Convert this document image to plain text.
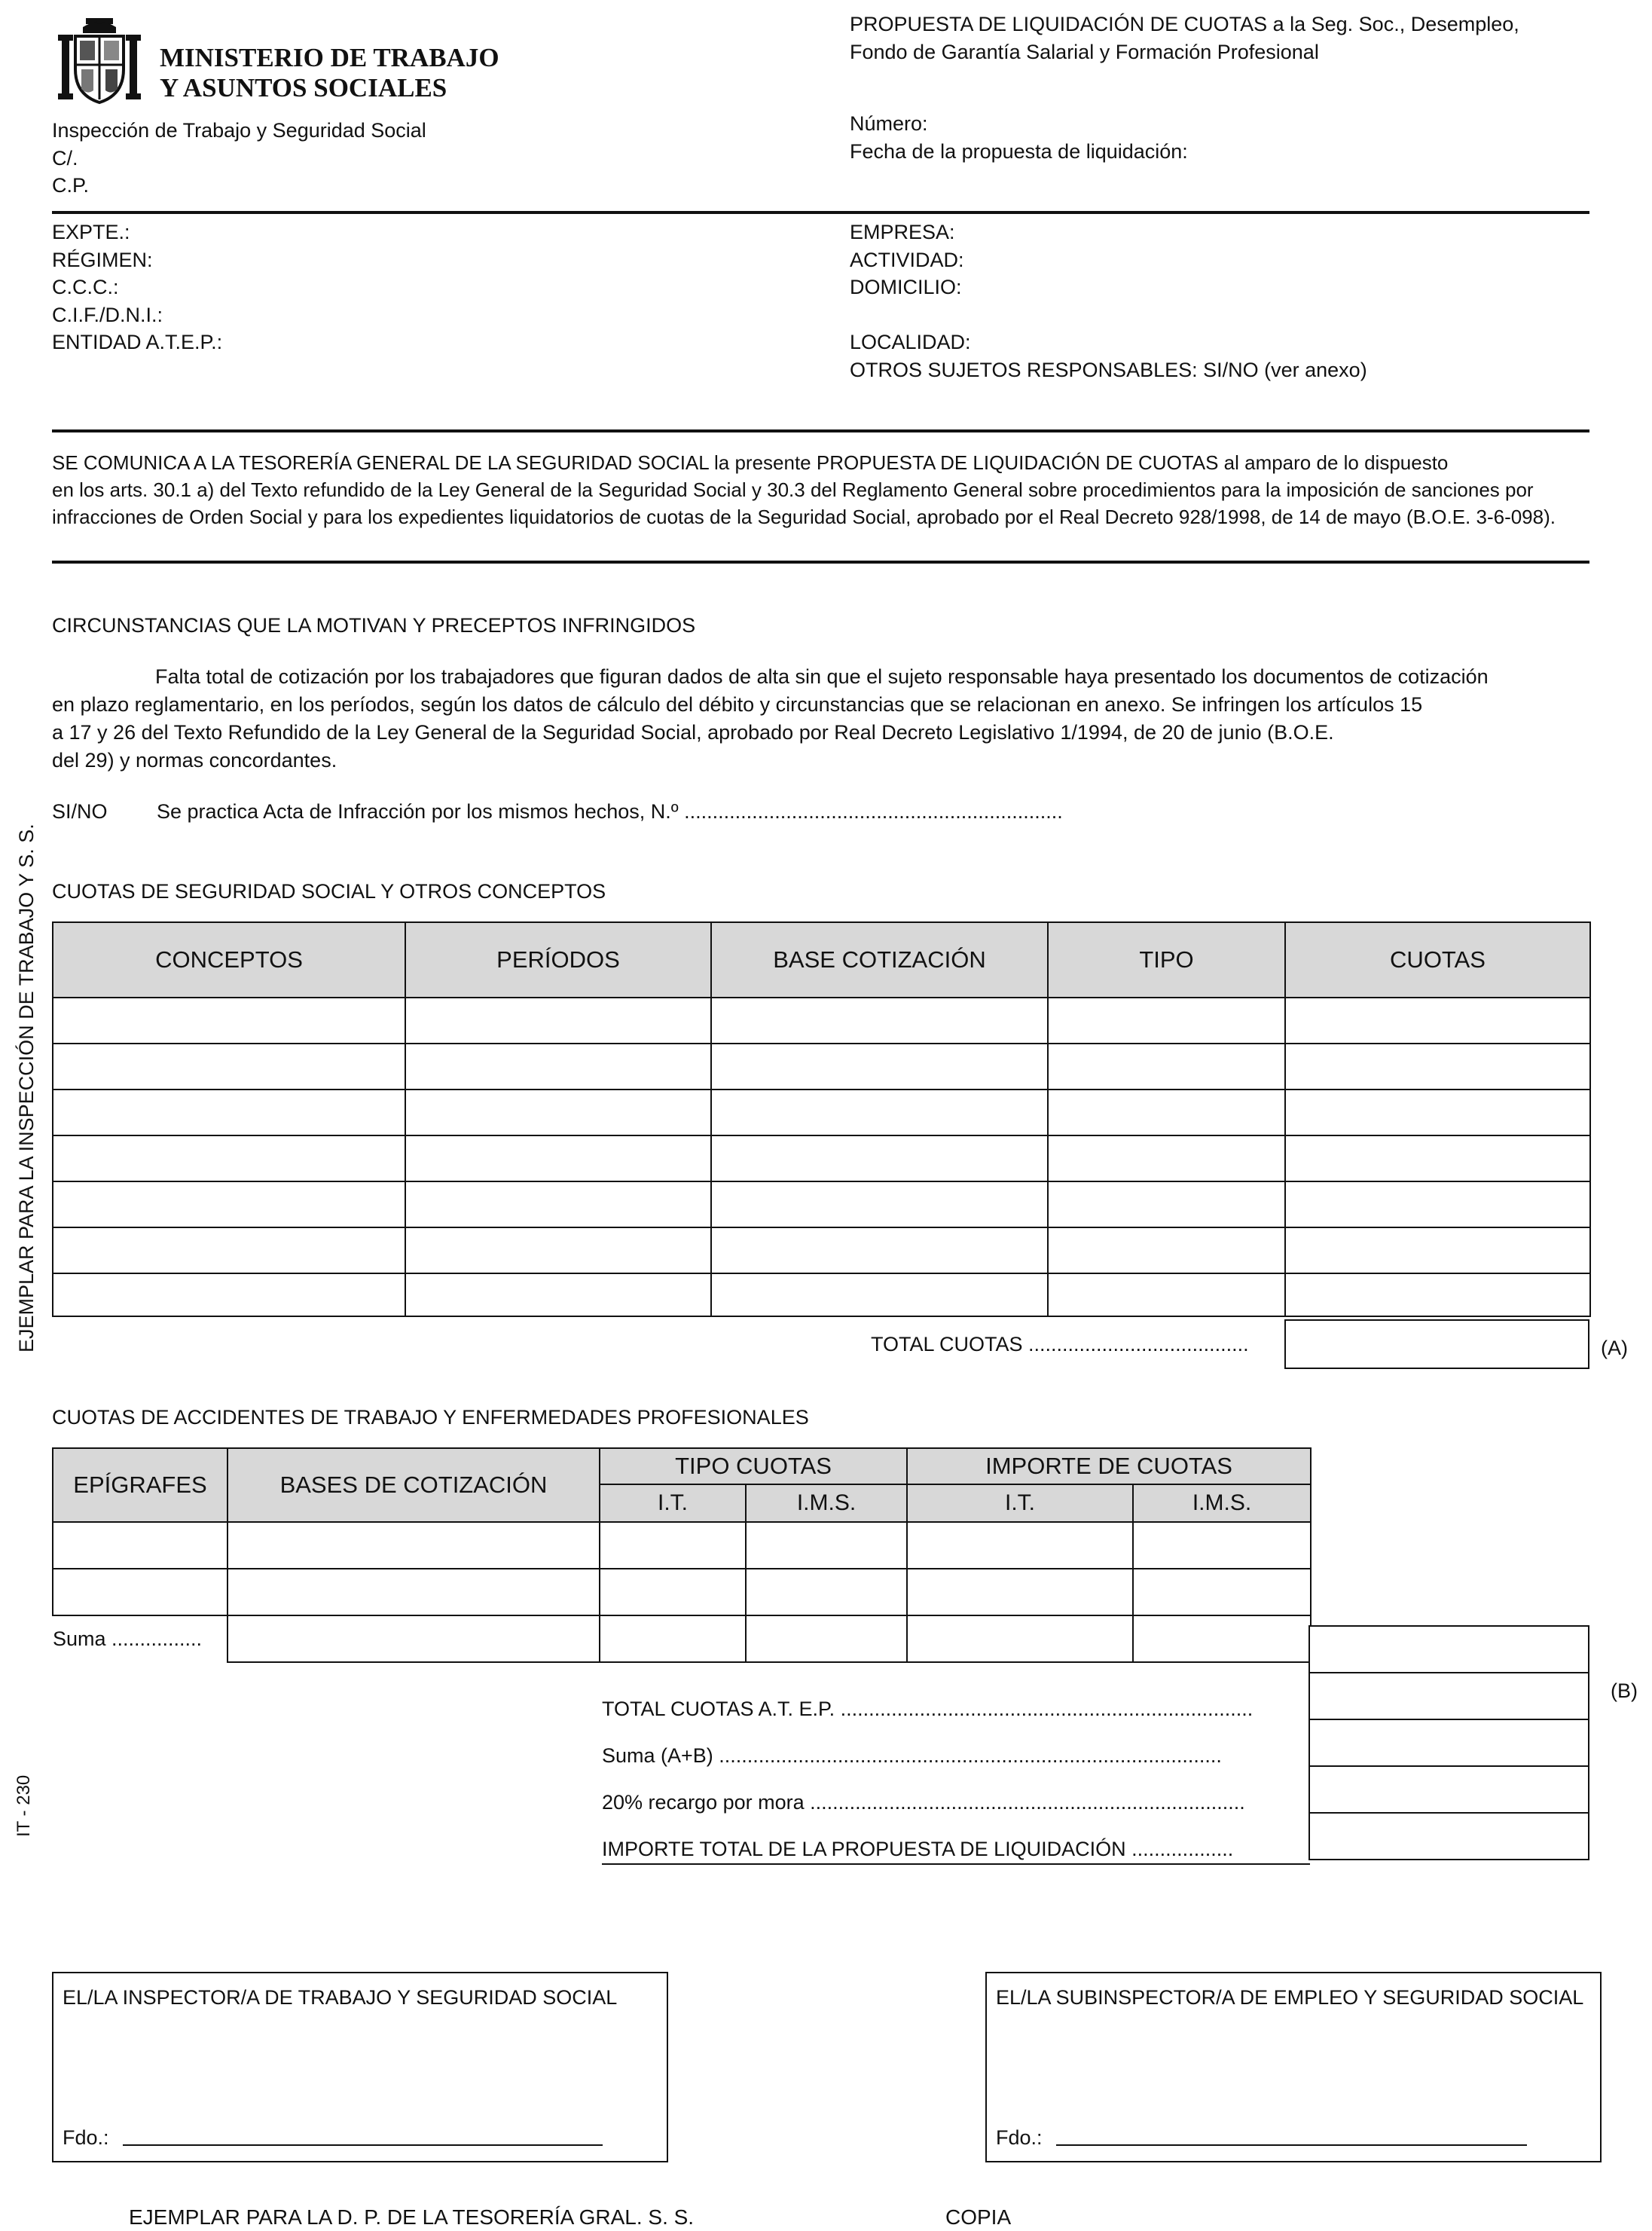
MINISTERIO DE TRABAJO
Y ASUNTOS SOCIALES
Inspección de Trabajo y Seguridad Social
C/.
C.P.
PROPUESTA DE LIQUIDACIÓN DE CUOTAS a la Seg. Soc., Desempleo,
Fondo de Garantía Salarial y Formación Profesional
Número:
Fecha de la propuesta de liquidación:
EXPTE.:
RÉGIMEN:
C.C.C.:
C.I.F./D.N.I.:
ENTIDAD A.T.E.P.:
EMPRESA:
ACTIVIDAD:
DOMICILIO:
LOCALIDAD:
OTROS SUJETOS RESPONSABLES: SI/NO (ver anexo)
SE COMUNICA A LA TESORERÍA GENERAL DE LA SEGURIDAD SOCIAL la presente PROPUESTA DE LIQUIDACIÓN DE CUOTAS al amparo de lo dispuesto
en los arts. 30.1 a) del Texto refundido de la Ley General de la Seguridad Social y 30.3 del Reglamento General sobre procedimientos para la imposición de sanciones por
infracciones de Orden Social y para los expedientes liquidatorios de cuotas de la Seguridad Social, aprobado por el Real Decreto 928/1998, de 14 de mayo (B.O.E. 3-6-098).
CIRCUNSTANCIAS QUE LA MOTIVAN Y PRECEPTOS INFRINGIDOS
Falta total de cotización por los trabajadores que figuran dados de alta sin que el sujeto responsable haya presentado los documentos de cotización
en plazo reglamentario, en los períodos, según los datos de cálculo del débito y circunstancias que se relacionan en anexo. Se infringen los artículos 15
a 17 y 26 del Texto Refundido de la Ley General de la Seguridad Social, aprobado por Real Decreto Legislativo 1/1994, de 20 de junio (B.O.E.
del 29) y normas concordantes.
SI/NO Se practica Acta de Infracción por los mismos hechos, N.º ...................................................................
CUOTAS DE SEGURIDAD SOCIAL Y OTROS CONCEPTOS
CONCEPTOS	PERÍODOS	BASE COTIZACIÓN	TIPO	CUOTAS

TOTAL CUOTAS .......................................	(A)
CUOTAS DE ACCIDENTES DE TRABAJO Y ENFERMEDADES PROFESIONALES
EPÍGRAFES	BASES DE COTIZACIÓN	TIPO CUOTAS		IMPORTE DE CUOTAS	
		I.T.	I.M.S.	I.T.	I.M.S.

Suma ................					
(B)
TOTAL CUOTAS A.T. E.P. .........................................................................
Suma (A+B) .........................................................................................
20% recargo por mora .............................................................................
IMPORTE TOTAL DE LA PROPUESTA DE LIQUIDACIÓN ..................
EL/LA INSPECTOR/A DE TRABAJO Y SEGURIDAD SOCIAL
Fdo.:
EL/LA SUBINSPECTOR/A DE EMPLEO Y SEGURIDAD SOCIAL
Fdo.:
EJEMPLAR PARA LA INSPECCIÓN DE TRABAJO Y S. S.
IT - 230
EJEMPLAR PARA LA D. P. DE LA TESORERÍA GRAL. S. S.	COPIA
